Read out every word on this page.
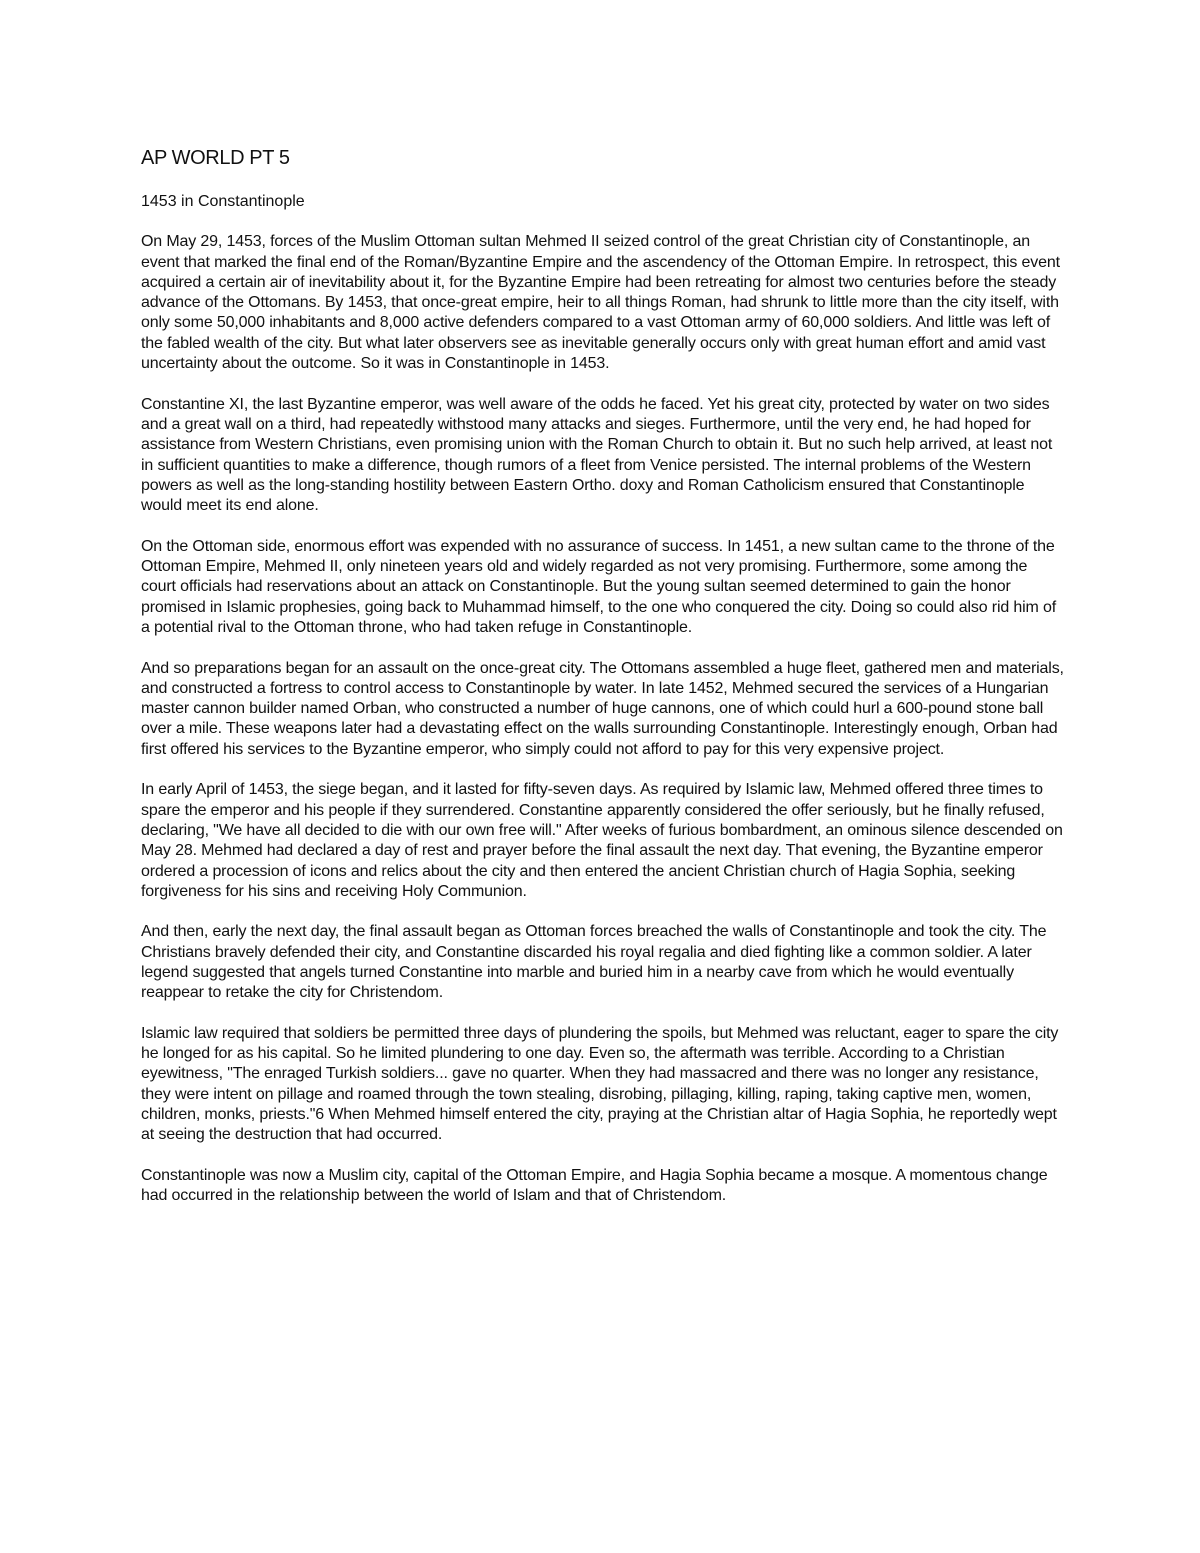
AP WORLD PT 5
1453 in Constantinople

On May 29, 1453, forces of the Muslim Ottoman sultan Mehmed II seized control of the great Christian city of Constantinople, an event that marked the final end of the Roman/Byzantine Empire and the ascendency of the Ottoman Empire. In retrospect, this event acquired a certain air of inevitability about it, for the Byzantine Empire had been retreating for almost two centuries before the steady advance of the Ottomans. By 1453, that once-great empire, heir to all things Roman, had shrunk to little more than the city itself, with only some 50,000 inhabitants and 8,000 active defenders compared to a vast Ottoman army of 60,000 soldiers. And little was left of the fabled wealth of the city. But what later observers see as inevitable generally occurs only with great human effort and amid vast uncertainty about the outcome. So it was in Constantinople in 1453.

Constantine XI, the last Byzantine emperor, was well aware of the odds he faced. Yet his great city, protected by water on two sides and a great wall on a third, had repeatedly withstood many attacks and sieges. Furthermore, until the very end, he had hoped for assistance from Western Christians, even promising union with the Roman Church to obtain it. But no such help arrived, at least not in sufficient quantities to make a difference, though rumors of a fleet from Venice persisted. The internal problems of the Western powers as well as the long-standing hostility between Eastern Ortho. doxy and Roman Catholicism ensured that Constantinople would meet its end alone.

On the Ottoman side, enormous effort was expended with no assurance of success. In 1451, a new sultan came to the throne of the Ottoman Empire, Mehmed II, only nineteen years old and widely regarded as not very promising. Furthermore, some among the court officials had reservations about an attack on Constantinople. But the young sultan seemed determined to gain the honor promised in Islamic prophesies, going back to Muhammad himself, to the one who conquered the city. Doing so could also rid him of a potential rival to the Ottoman throne, who had taken refuge in Constantinople.

And so preparations began for an assault on the once-great city. The Ottomans assembled a huge fleet, gathered men and materials, and constructed a fortress to control access to Constantinople by water. In late 1452, Mehmed secured the services of a Hungarian master cannon builder named Orban, who constructed a number of huge cannons, one of which could hurl a 600-pound stone ball over a mile. These weapons later had a devastating effect on the walls surrounding Constantinople. Interestingly enough, Orban had first offered his services to the Byzantine emperor, who simply could not afford to pay for this very expensive project.

In early April of 1453, the siege began, and it lasted for fifty-seven days. As required by Islamic law, Mehmed offered three times to spare the emperor and his people if they surrendered. Constantine apparently considered the offer seriously, but he finally refused, declaring, "We have all decided to die with our own free will." After weeks of furious bombardment, an ominous silence descended on May 28. Mehmed had declared a day of rest and prayer before the final assault the next day. That evening, the Byzantine emperor ordered a procession of icons and relics about the city and then entered the ancient Christian church of Hagia Sophia, seeking forgiveness for his sins and receiving Holy Communion.

And then, early the next day, the final assault began as Ottoman forces breached the walls of Constantinople and took the city. The Christians bravely defended their city, and Constantine discarded his royal regalia and died fighting like a common soldier. A later legend suggested that angels turned Constantine into marble and buried him in a nearby cave from which he would eventually reappear to retake the city for Christendom.

Islamic law required that soldiers be permitted three days of plundering the spoils, but Mehmed was reluctant, eager to spare the city he longed for as his capital. So he limited plundering to one day. Even so, the aftermath was terrible. According to a Christian eyewitness, "The enraged Turkish soldiers... gave no quarter. When they had massacred and there was no longer any resistance, they were intent on pillage and roamed through the town stealing, disrobing, pillaging, killing, raping, taking captive men, women, children, monks, priests."6 When Mehmed himself entered the city, praying at the Christian altar of Hagia Sophia, he reportedly wept at seeing the destruction that had occurred.

Constantinople was now a Muslim city, capital of the Ottoman Empire, and Hagia Sophia became a mosque. A momentous change had occurred in the relationship between the world of Islam and that of Christendom.
